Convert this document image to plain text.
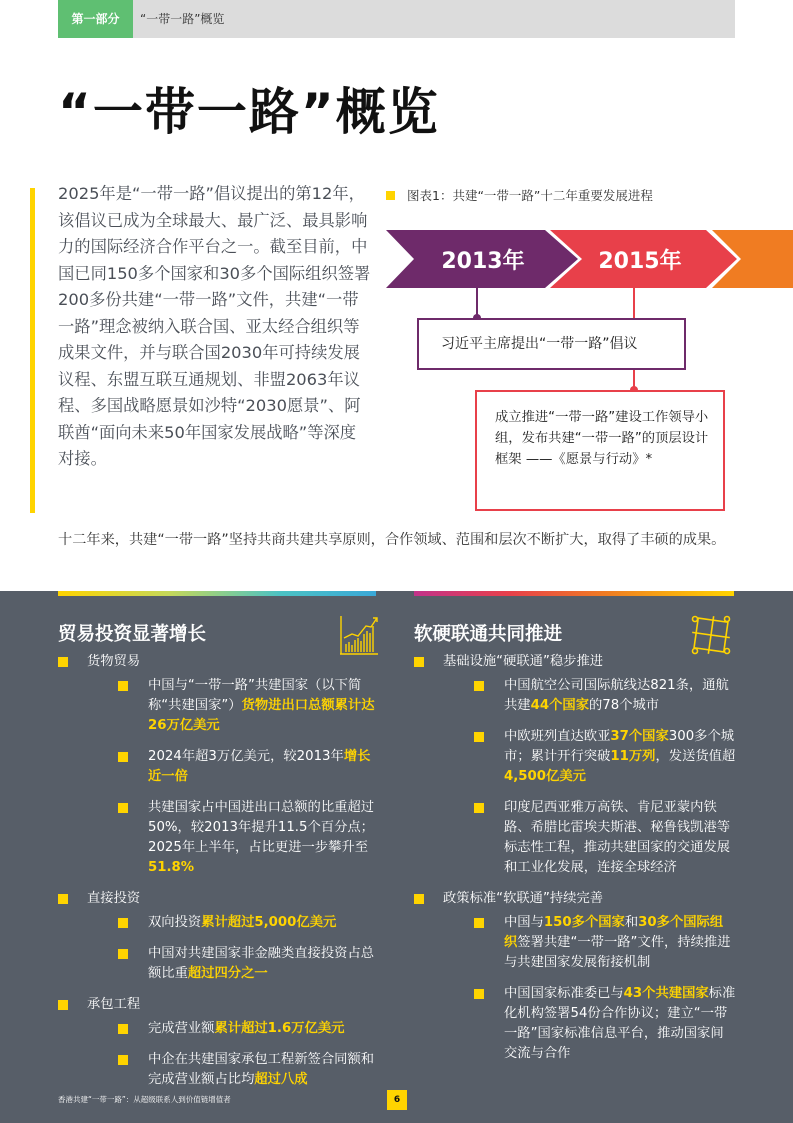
第一部分	“一带一路”概览
“一带一路”概览
2025年是“一带一路”倡议提出的第12年，该倡议已成为全球最大、最广泛、最具影响力的国际经济合作平台之一。截至目前，中国已同150多个国家和30多个国际组织签署200多份共建“一带一路”文件，共建“一带一路”理念被纳入联合国、亚太经合组织等成果文件，并与联合国2030年可持续发展议程、东盟互联互通规划、非盟2063年议程、多国战略愿景如沙特“2030愿景”、阿联酋“面向未来50年国家发展战略”等深度对接。
图表1：共建“一带一路”十二年重要发展进程
2013年	2015年
习近平主席提出“一带一路”倡议
成立推进“一带一路”建设工作领导小组，发布共建“一带一路”的顶层设计框架 ——《愿景与行动》*
十二年来，共建“一带一路”坚持共商共建共享原则，合作领域、范围和层次不断扩大，取得了丰硕的成果。
贸易投资显著增长
货物贸易
中国与“一带一路”共建国家（以下简称“共建国家”）货物进出口总额累计达26万亿美元
2024年超3万亿美元，较2013年增长近一倍
共建国家占中国进出口总额的比重超过50%，较2013年提升11.5个百分点；2025年上半年，占比更进一步攀升至51.8%
直接投资
双向投资累计超过5,000亿美元
中国对共建国家非金融类直接投资占总额比重超过四分之一
承包工程
完成营业额累计超过1.6万亿美元
中企在共建国家承包工程新签合同额和完成营业额占比均超过八成
软硬联通共同推进
基础设施“硬联通”稳步推进
中国航空公司国际航线达821条，通航共建44个国家的78个城市
中欧班列直达欧亚37个国家300多个城市；累计开行突破11万列，发送货值超4,500亿美元
印度尼西亚雅万高铁、肯尼亚蒙内铁路、希腊比雷埃夫斯港、秘鲁钱凯港等标志性工程，推动共建国家的交通发展和工业化发展，连接全球经济
政策标准“软联通”持续完善
中国与150多个国家和30多个国际组织签署共建“一带一路”文件，持续推进与共建国家发展衔接机制
中国国家标准委已与43个共建国家标准化机构签署54份合作协议；建立“一带一路”国家标准信息平台，推动国家间交流与合作
香港共建“一带一路”：从超级联系人到价值链增值者	6
